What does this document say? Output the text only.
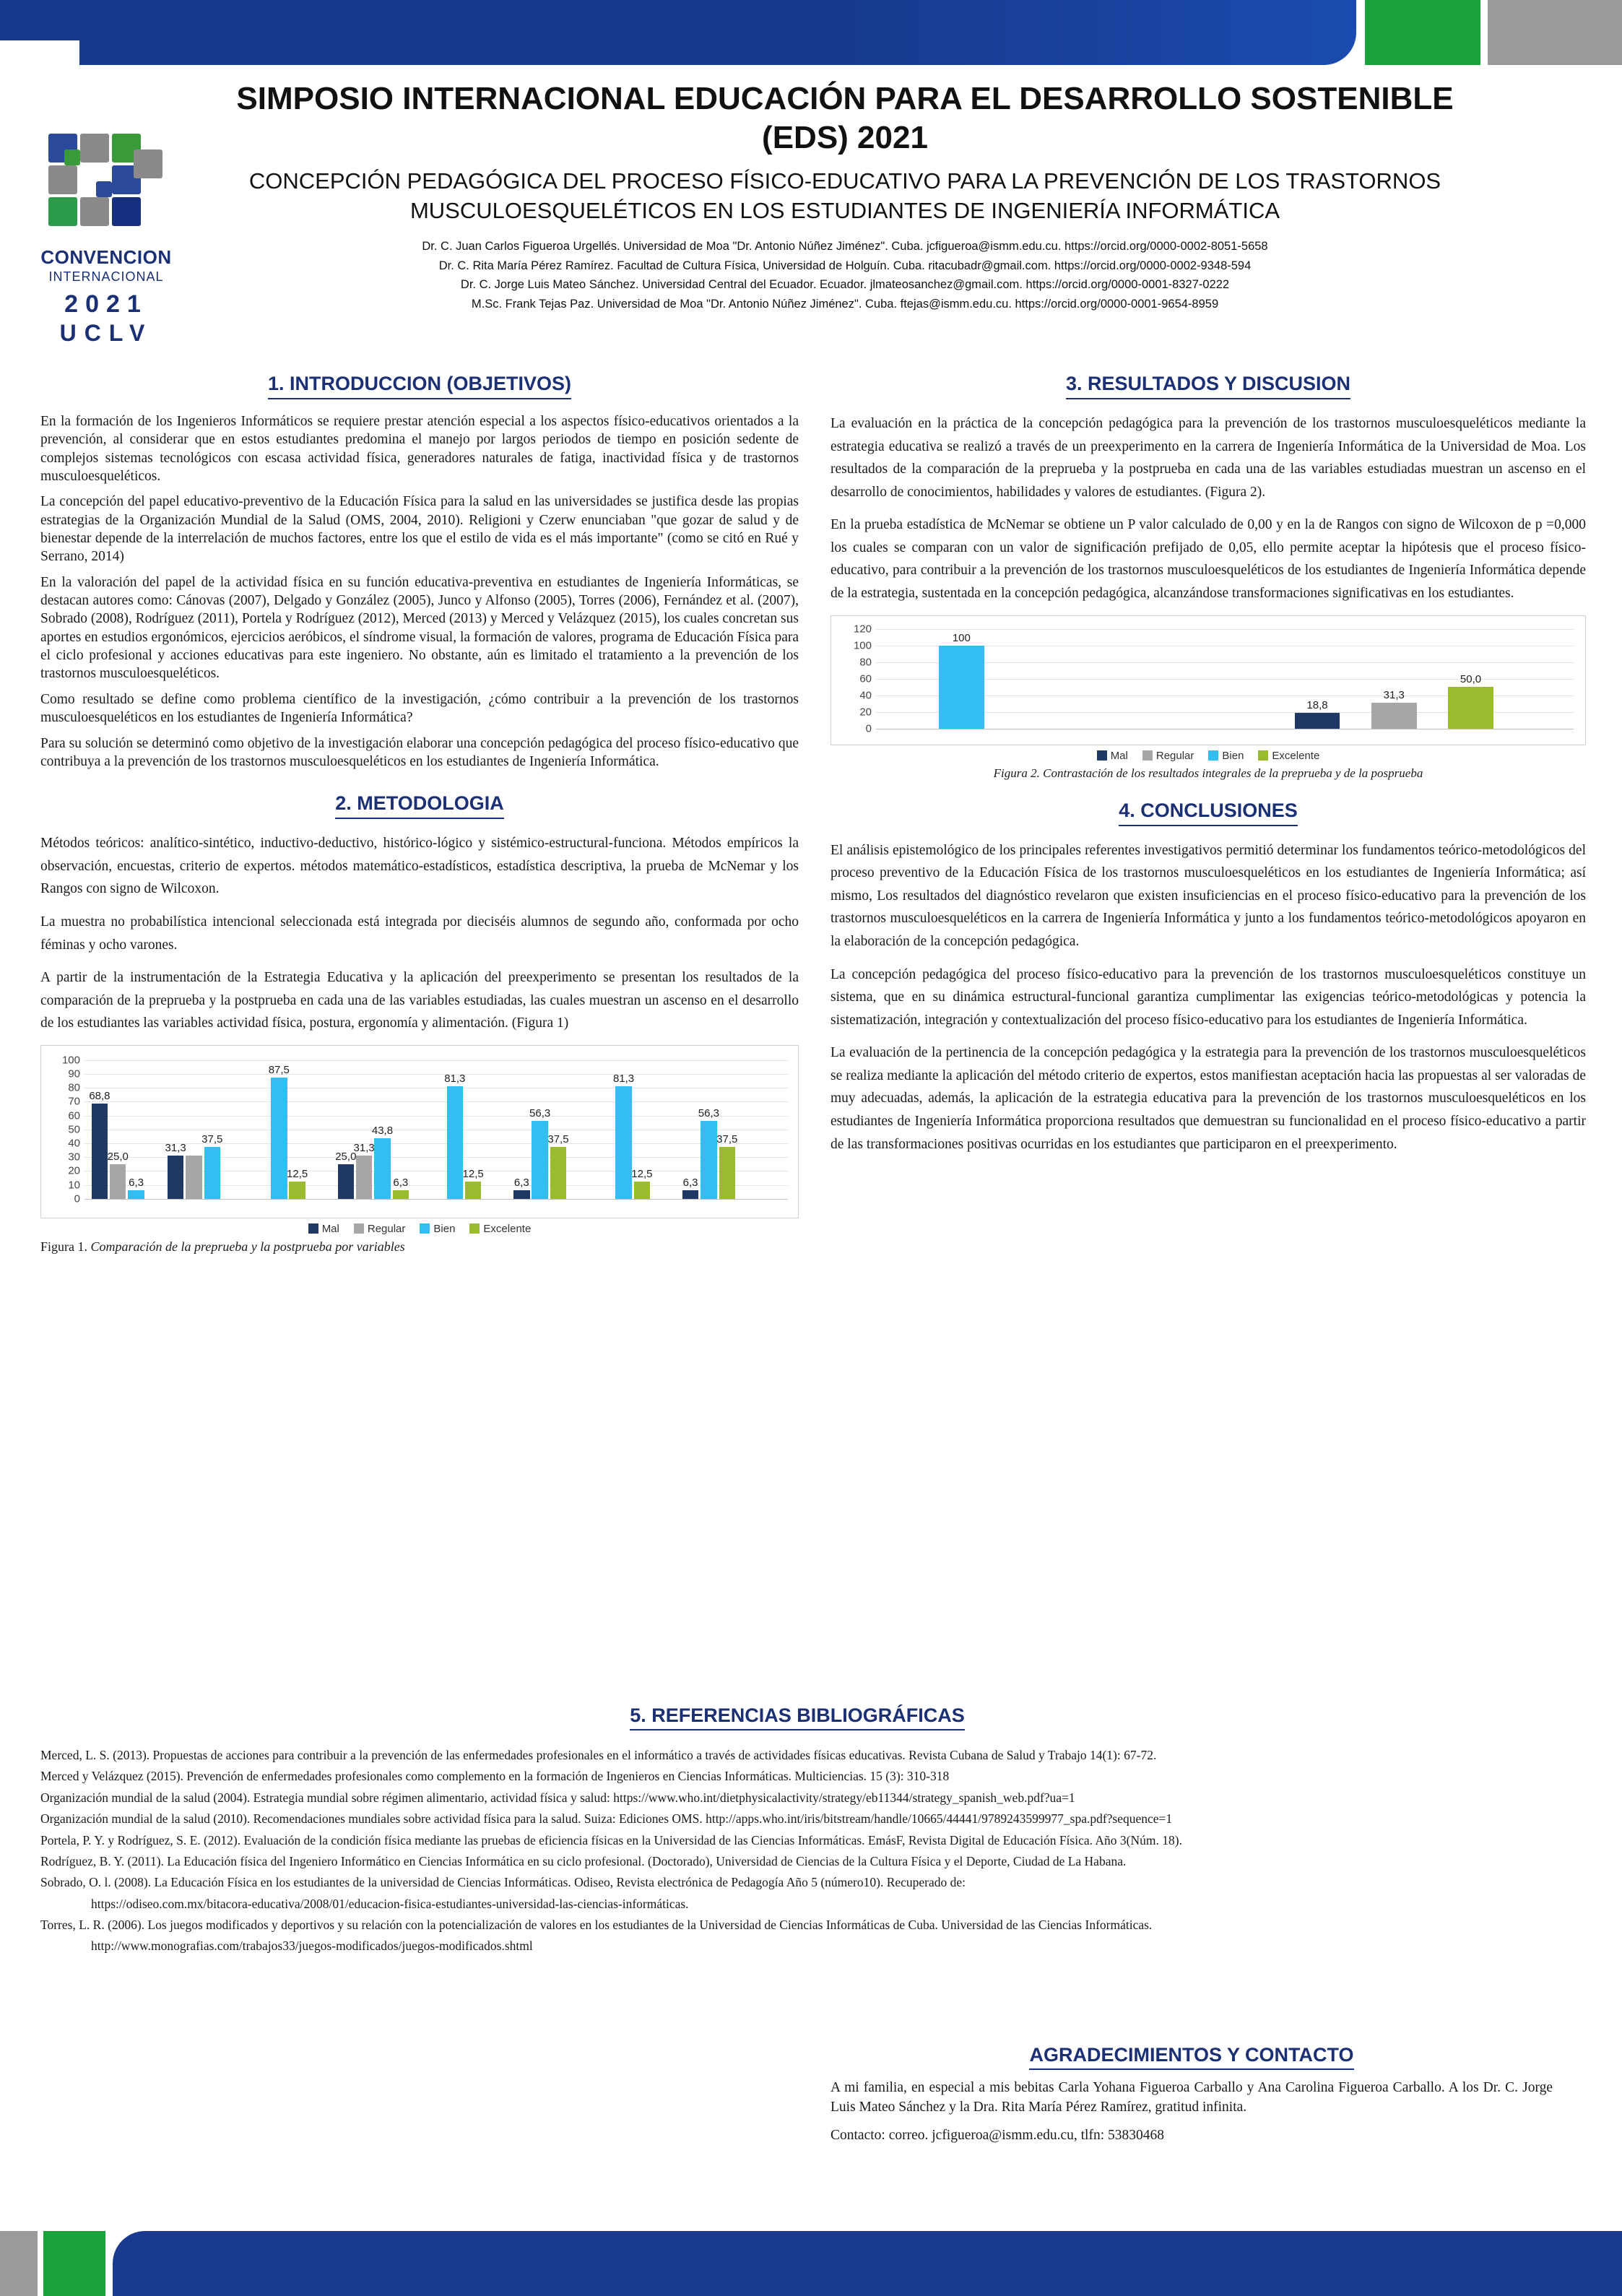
CONVENCION
INTERNACIONAL
2021
UCLV
SIMPOSIO INTERNACIONAL EDUCACIÓN PARA EL DESARROLLO SOSTENIBLE
(EDS) 2021
CONCEPCIÓN PEDAGÓGICA DEL PROCESO FÍSICO-EDUCATIVO PARA LA PREVENCIÓN DE LOS TRASTORNOS
MUSCULOESQUELÉTICOS EN LOS ESTUDIANTES DE INGENIERÍA INFORMÁTICA
Dr. C. Juan Carlos Figueroa Urgellés. Universidad de Moa "Dr. Antonio Núñez Jiménez". Cuba. jcfigueroa@ismm.edu.cu. https://orcid.org/0000-0002-8051-5658
Dr. C. Rita María Pérez Ramírez. Facultad de Cultura Física, Universidad de Holguín. Cuba. ritacubadr@gmail.com. https://orcid.org/0000-0002-9348-594
Dr. C. Jorge Luis Mateo Sánchez. Universidad Central del Ecuador. Ecuador. jlmateosanchez@gmail.com. https://orcid.org/0000-0001-8327-0222
M.Sc. Frank Tejas Paz. Universidad de Moa "Dr. Antonio Núñez Jiménez". Cuba. ftejas@ismm.edu.cu. https://orcid.org/0000-0001-9654-8959
1. INTRODUCCION (OBJETIVOS)

En la formación de los Ingenieros Informáticos se requiere prestar atención especial a los aspectos físico-educativos orientados a la prevención, al considerar que en estos estudiantes predomina el manejo por largos periodos de tiempo en posición sedente de complejos sistemas tecnológicos con escasa actividad física, generadores naturales de fatiga, inactividad física y de trastornos musculoesqueléticos.

La concepción del papel educativo-preventivo de la Educación Física para la salud en las universidades se justifica desde las propias estrategias de la Organización Mundial de la Salud (OMS, 2004, 2010). Religioni y Czerw enunciaban "que gozar de salud y de bienestar depende de la interrelación de muchos factores, entre los que el estilo de vida es el más importante" (como se citó en Rué y Serrano, 2014)

En la valoración del papel de la actividad física en su función educativa-preventiva en estudiantes de Ingeniería Informáticas, se destacan autores como: Cánovas (2007), Delgado y González (2005), Junco y Alfonso (2005), Torres (2006), Fernández et al. (2007), Sobrado (2008), Rodríguez (2011), Portela y Rodríguez (2012), Merced (2013) y Merced y Velázquez (2015), los cuales concretan sus aportes en estudios ergonómicos, ejercicios aeróbicos, el síndrome visual, la formación de valores, programa de Educación Física para el ciclo profesional y acciones educativas para este ingeniero. No obstante, aún es limitado el tratamiento a la prevención de los trastornos musculoesqueléticos.

Como resultado se define como problema científico de la investigación, ¿cómo contribuir a la prevención de los trastornos musculoesqueléticos en los estudiantes de Ingeniería Informática?

Para su solución se determinó como objetivo de la investigación elaborar una concepción pedagógica del proceso físico-educativo que contribuya a la prevención de los trastornos musculoesqueléticos en los estudiantes de Ingeniería Informática.

2. METODOLOGIA

Métodos teóricos: analítico-sintético, inductivo-deductivo, histórico-lógico y sistémico-estructural-funciona. Métodos empíricos la observación, encuestas, criterio de expertos. métodos matemático-estadísticos, estadística descriptiva, la prueba de McNemar y los Rangos con signo de Wilcoxon.

La muestra no probabilística intencional seleccionada está integrada por dieciséis alumnos de segundo año, conformada por ocho féminas y ocho varones.

A partir de la instrumentación de la Estrategia Educativa y la aplicación del preexperimento se presentan los resultados de la comparación de la preprueba y la postprueba en cada una de las variables estudiadas, las cuales muestran un ascenso en el desarrollo de los estudiantes las variables actividad física, postura, ergonomía y alimentación. (Figura 1)

100
90
80
70
60
50
40
30
20
10
0
68,8
25,0
6,3
31,3
37,5
87,5
12,5
25,0
31,3
43,8
6,3
81,3
12,5
6,3
56,3
37,5
81,3
12,5
6,3
56,3
37,5
Mal	Regular	Bien	Excelente
Figura 1. Comparación de la preprueba y la postprueba por variables
3. RESULTADOS Y DISCUSION

La evaluación en la práctica de la concepción pedagógica para la prevención de los trastornos musculoesqueléticos mediante la estrategia educativa se realizó a través de un preexperimento en la carrera de Ingeniería Informática de la Universidad de Moa. Los resultados de la comparación de la preprueba y la postprueba en cada una de las variables estudiadas muestran un ascenso en el desarrollo de conocimientos, habilidades y valores de estudiantes. (Figura 2).

En la prueba estadística de McNemar se obtiene un P valor calculado de 0,00 y en la de Rangos con signo de Wilcoxon de p =0,000 los cuales se comparan con un valor de significación prefijado de 0,05, ello permite aceptar la hipótesis que el proceso físico-educativo, para contribuir a la prevención de los trastornos musculoesqueléticos de los estudiantes de Ingeniería Informática depende de la estrategia, sustentada en la concepción pedagógica, alcanzándose transformaciones significativas en los estudiantes.

120
100
80
60
40
20
0
100
18,8
31,3
50,0
Mal	Regular	Bien	Excelente
Figura 2. Contrastación de los resultados integrales de la preprueba y de la posprueba
4. CONCLUSIONES

El análisis epistemológico de los principales referentes investigativos permitió determinar los fundamentos teórico-metodológicos del proceso preventivo de la Educación Física de los trastornos musculoesqueléticos en los estudiantes de Ingeniería Informática; así mismo, Los resultados del diagnóstico revelaron que existen insuficiencias en el proceso físico-educativo para la prevención de los trastornos musculoesqueléticos en la carrera de Ingeniería Informática y junto a los fundamentos teórico-metodológicos apoyaron en la elaboración de la concepción pedagógica.

La concepción pedagógica del proceso físico-educativo para la prevención de los trastornos musculoesqueléticos constituye un sistema, que en su dinámica estructural-funcional garantiza cumplimentar las exigencias teórico-metodológicas y potencia la sistematización, integración y contextualización del proceso físico-educativo para los estudiantes de Ingeniería Informática.

La evaluación de la pertinencia de la concepción pedagógica y la estrategia para la prevención de los trastornos musculoesqueléticos se realiza mediante la aplicación del método criterio de expertos, estos manifiestan aceptación hacia las propuestas al ser valoradas de muy adecuadas, además, la aplicación de la estrategia educativa para la prevención de los trastornos musculoesqueléticos en los estudiantes de Ingeniería Informática proporciona resultados que demuestran su funcionalidad en el proceso físico-educativo a partir de las transformaciones positivas ocurridas en los estudiantes que participaron en el preexperimento.

5. REFERENCIAS BIBLIOGRÁFICAS
Merced, L. S. (2013). Propuestas de acciones para contribuir a la prevención de las enfermedades profesionales en el informático a través de actividades físicas educativas. Revista Cubana de Salud y Trabajo 14(1): 67-72.
Merced y Velázquez (2015). Prevención de enfermedades profesionales como complemento en la formación de Ingenieros en Ciencias Informáticas. Multiciencias. 15 (3): 310-318
Organización mundial de la salud (2004). Estrategia mundial sobre régimen alimentario, actividad física y salud: https://www.who.int/dietphysicalactivity/strategy/eb11344/strategy_spanish_web.pdf?ua=1
Organización mundial de la salud (2010). Recomendaciones mundiales sobre actividad física para la salud. Suiza: Ediciones OMS. http://apps.who.int/iris/bitstream/handle/10665/44441/9789243599977_spa.pdf?sequence=1
Portela, P. Y. y Rodríguez, S. E. (2012). Evaluación de la condición física mediante las pruebas de eficiencia físicas en la Universidad de las Ciencias Informáticas. EmásF, Revista Digital de Educación Física. Año 3(Núm. 18).
Rodríguez, B. Y. (2011). La Educación física del Ingeniero Informático en Ciencias Informática en su ciclo profesional. (Doctorado), Universidad de Ciencias de la Cultura Física y el Deporte, Ciudad de La Habana.
Sobrado, O. l. (2008). La Educación Física en los estudiantes de la universidad de Ciencias Informáticas. Odiseo, Revista electrónica de Pedagogía Año 5 (número10). Recuperado de:
https://odiseo.com.mx/bitacora-educativa/2008/01/educacion-fisica-estudiantes-universidad-las-ciencias-informáticas.
Torres, L. R. (2006). Los juegos modificados y deportivos y su relación con la potencialización de valores en los estudiantes de la Universidad de Ciencias Informáticas de Cuba. Universidad de las Ciencias Informáticas.
http://www.monografias.com/trabajos33/juegos-modificados/juegos-modificados.shtml
AGRADECIMIENTOS Y CONTACTO
A mi familia, en especial a mis bebitas Carla Yohana Figueroa Carballo y Ana Carolina Figueroa Carballo. A los Dr. C. Jorge Luis Mateo Sánchez y la Dra. Rita María Pérez Ramírez, gratitud infinita.
Contacto: correo. jcfigueroa@ismm.edu.cu, tlfn: 53830468
